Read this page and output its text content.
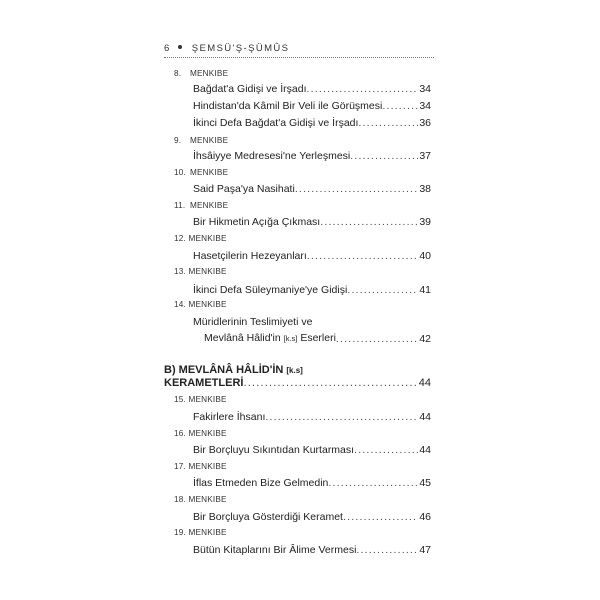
6 ŞEMSÜ'Ş-ŞÜMÛS
8. MENKIBE
Bağdat'a Gidişi ve İrşadı .....	34
Hindistan'da Kâmil Bir Veli ile Görüşmesi .....	34
İkinci Defa Bağdat'a Gidişi ve İrşadı .....	36
9. MENKIBE
İhsâiyye Medresesi'ne Yerleşmesi .....	37
10. MENKIBE
Said Paşa'ya Nasihati .....	38
11. MENKIBE
Bir Hikmetin Açığa Çıkması .....	39
12. MENKIBE
Hasetçilerin Hezeyanları .....	40
13. MENKIBE
İkinci Defa Süleymaniye'ye Gidişi .....	41
14. MENKIBE
Müridlerinin Teslimiyeti ve
Mevlânâ Hâlid'in [k.s] Eserleri .....	42
B) MEVLÂNÂ HÂLİD'İN [k.s]
KERAMETLERİ .....	44
15. MENKIBE
Fakirlere İhsanı .....	44
16. MENKIBE
Bir Borçluyu Sıkıntıdan Kurtarması .....	44
17. MENKIBE
İflas Etmeden Bize Gelmedin .....	45
18. MENKIBE
Bir Borçluya Gösterdiği Keramet .....	46
19. MENKIBE
Bütün Kitaplarını Bir Âlime Vermesi .....	47
